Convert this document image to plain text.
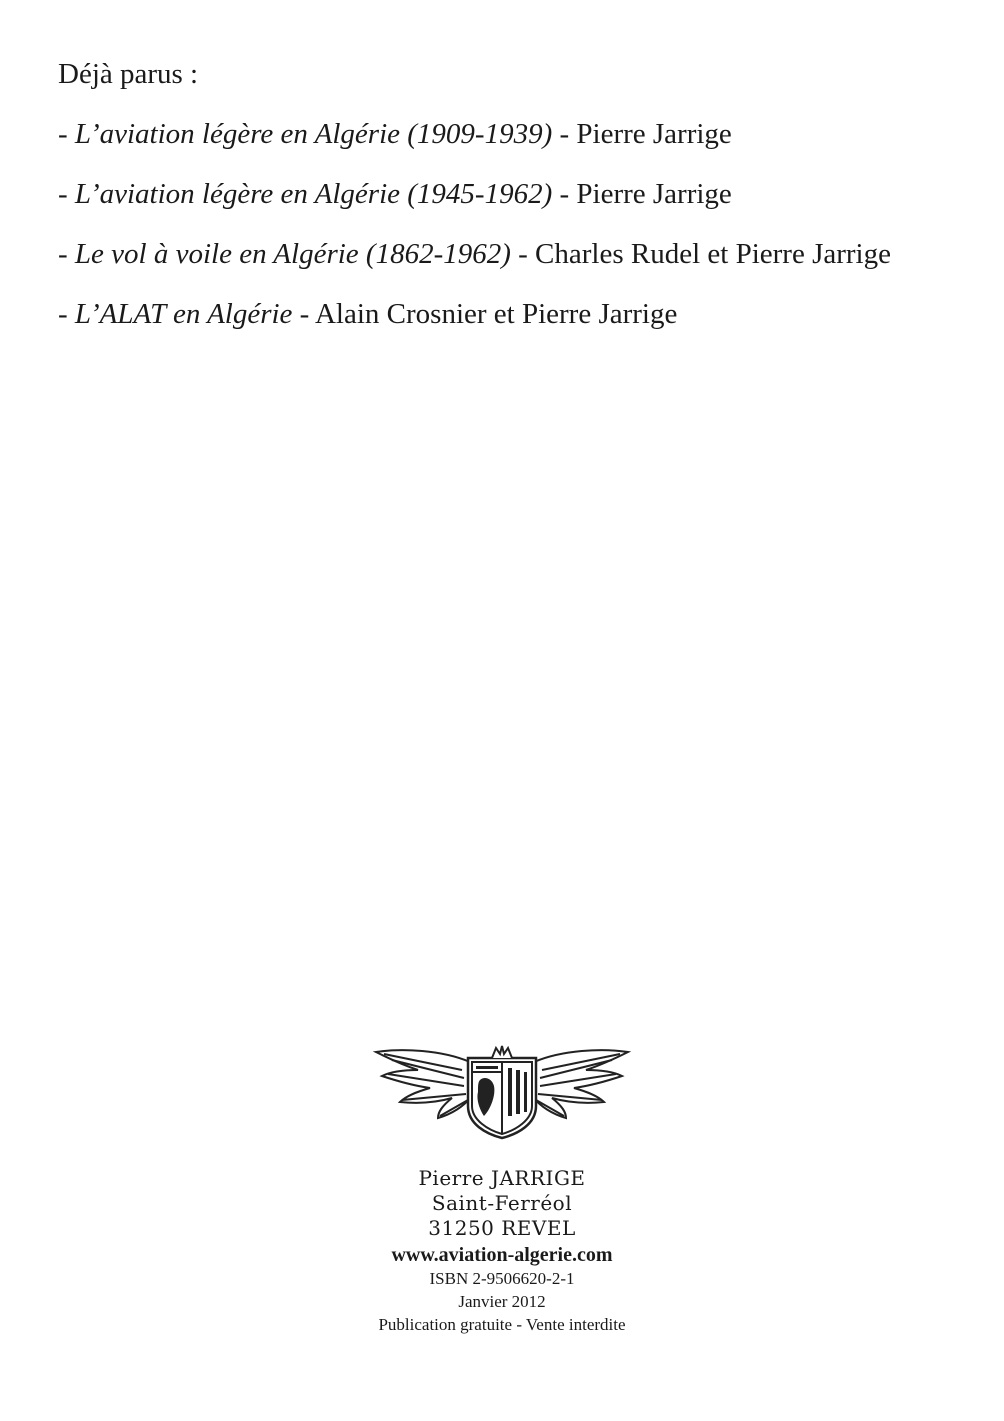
Déjà parus :
- L’aviation légère en Algérie (1909-1939) - Pierre Jarrige
- L’aviation légère en Algérie (1945-1962) - Pierre Jarrige
- Le vol à voile en Algérie (1862-1962) - Charles Rudel et Pierre Jarrige
- L’ALAT en Algérie - Alain Crosnier et Pierre Jarrige
Pierre JARRIGE
Saint-Ferréol
31250 REVEL
www.aviation-algerie.com
ISBN 2-9506620-2-1
Janvier 2012
Publication gratuite - Vente interdite
